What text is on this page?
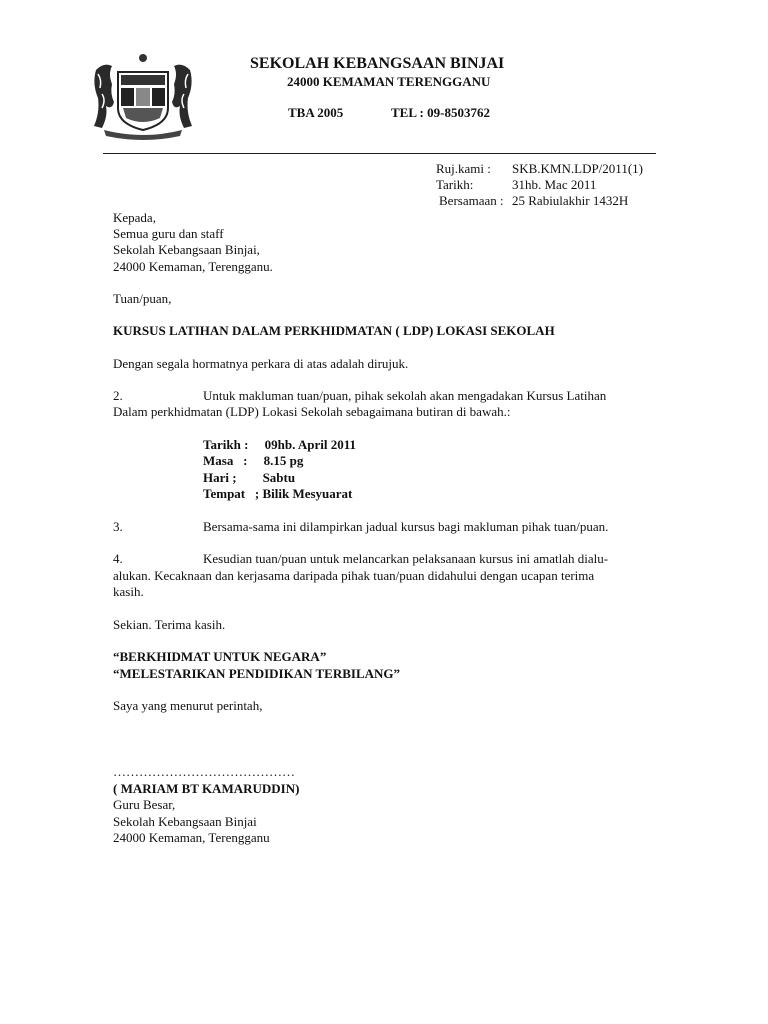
SEKOLAH KEBANGSAAN BINJAI
24000 KEMAMAN TERENGGANU
TBA 2005	TEL : 09-8503762
Ruj.kami : SKB.KMN.LDP/2011(1)
Tarikh:	31hb. Mac 2011
Bersamaan : 25 Rabiulakhir 1432H
Kepada,
Semua guru dan staff
Sekolah Kebangsaan Binjai,
24000 Kemaman, Terengganu.
Tuan/puan,
KURSUS LATIHAN DALAM PERKHIDMATAN ( LDP) LOKASI SEKOLAH
Dengan segala hormatnya perkara di atas adalah dirujuk.
2.	Untuk makluman tuan/puan, pihak sekolah akan mengadakan Kursus Latihan
Dalam perkhidmatan (LDP) Lokasi Sekolah sebagaimana butiran di bawah.:
Tarikh :     09hb. April 2011
Masa   :     8.15 pg
Hari ;        Sabtu
Tempat   ; Bilik Mesyuarat
3.	Bersama-sama ini dilampirkan jadual kursus bagi makluman pihak tuan/puan.
4.	Kesudian tuan/puan untuk melancarkan pelaksanaan kursus ini amatlah dialu-
alukan. Kecaknaan dan kerjasama daripada pihak tuan/puan didahului dengan ucapan terima
kasih.
Sekian. Terima kasih.
“BERKHIDMAT UNTUK NEGARA”
“MELESTARIKAN PENDIDIKAN TERBILANG”
Saya yang menurut perintah,
……………………………………
( MARIAM BT KAMARUDDIN)
Guru Besar,
Sekolah Kebangsaan Binjai
24000 Kemaman, Terengganu
